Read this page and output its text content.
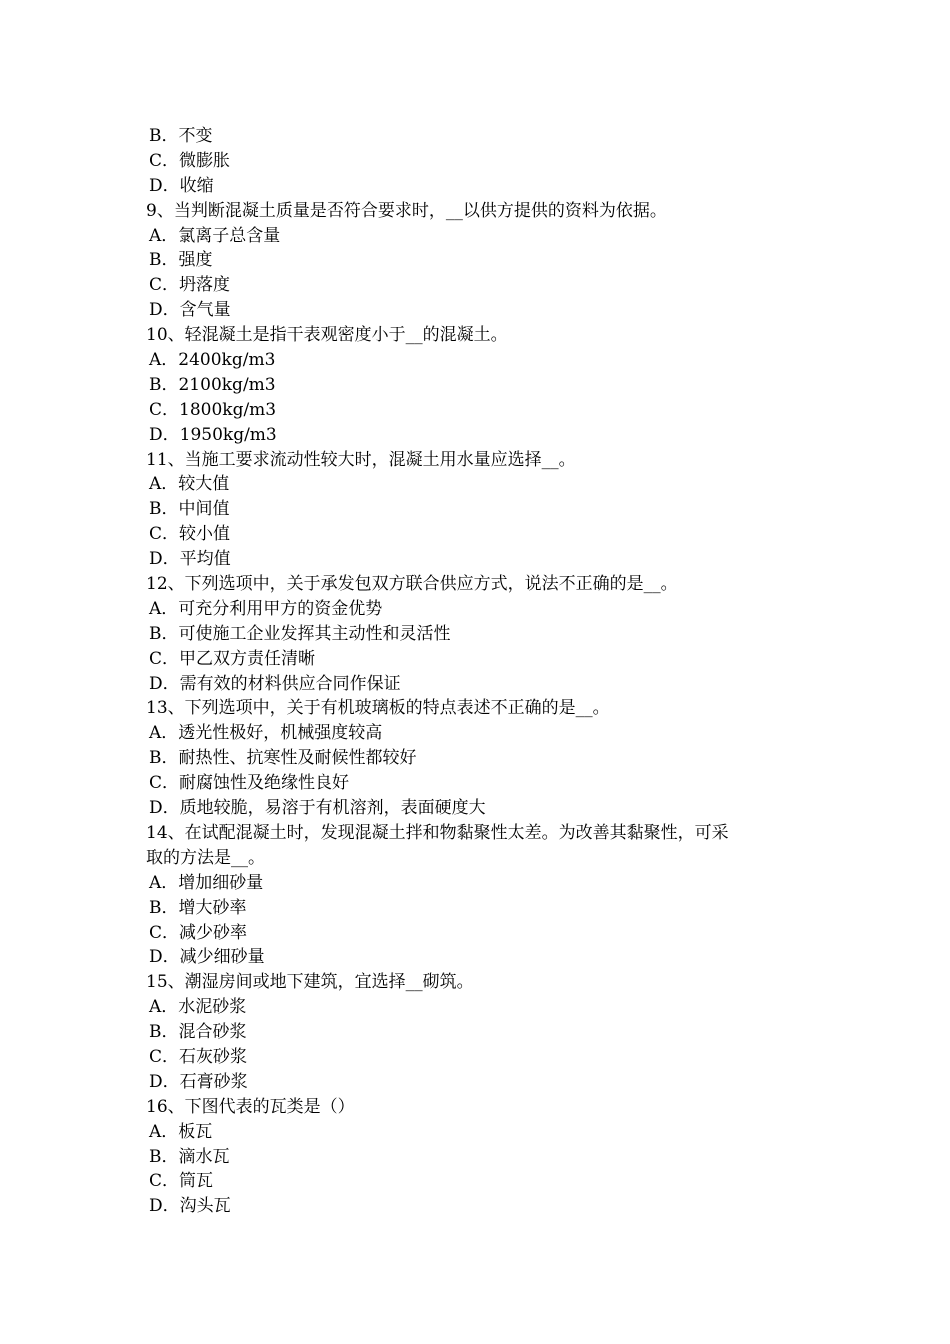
B．不变
C．微膨胀
D．收缩
9、当判断混凝土质量是否符合要求时，__以供方提供的资料为依据。
A．氯离子总含量
B．强度
C．坍落度
D．含气量
10、轻混凝土是指干表观密度小于__的混凝土。
A．2400kg/m3
B．2100kg/m3
C．1800kg/m3
D．1950kg/m3
11、当施工要求流动性较大时，混凝土用水量应选择__。
A．较大值
B．中间值
C．较小值
D．平均值
12、下列选项中，关于承发包双方联合供应方式，说法不正确的是__。
A．可充分利用甲方的资金优势
B．可使施工企业发挥其主动性和灵活性
C．甲乙双方责任清晰
D．需有效的材料供应合同作保证
13、下列选项中，关于有机玻璃板的特点表述不正确的是__。
A．透光性极好，机械强度较高
B．耐热性、抗寒性及耐候性都较好
C．耐腐蚀性及绝缘性良好
D．质地较脆，易溶于有机溶剂，表面硬度大
14、在试配混凝土时，发现混凝土拌和物黏聚性太差。为改善其黏聚性，可采
取的方法是__。
A．增加细砂量
B．增大砂率
C．减少砂率
D．减少细砂量
15、潮湿房间或地下建筑，宜选择__砌筑。
A．水泥砂浆
B．混合砂浆
C．石灰砂浆
D．石膏砂浆
16、下图代表的瓦类是（）
A．板瓦
B．滴水瓦
C．筒瓦
D．沟头瓦
